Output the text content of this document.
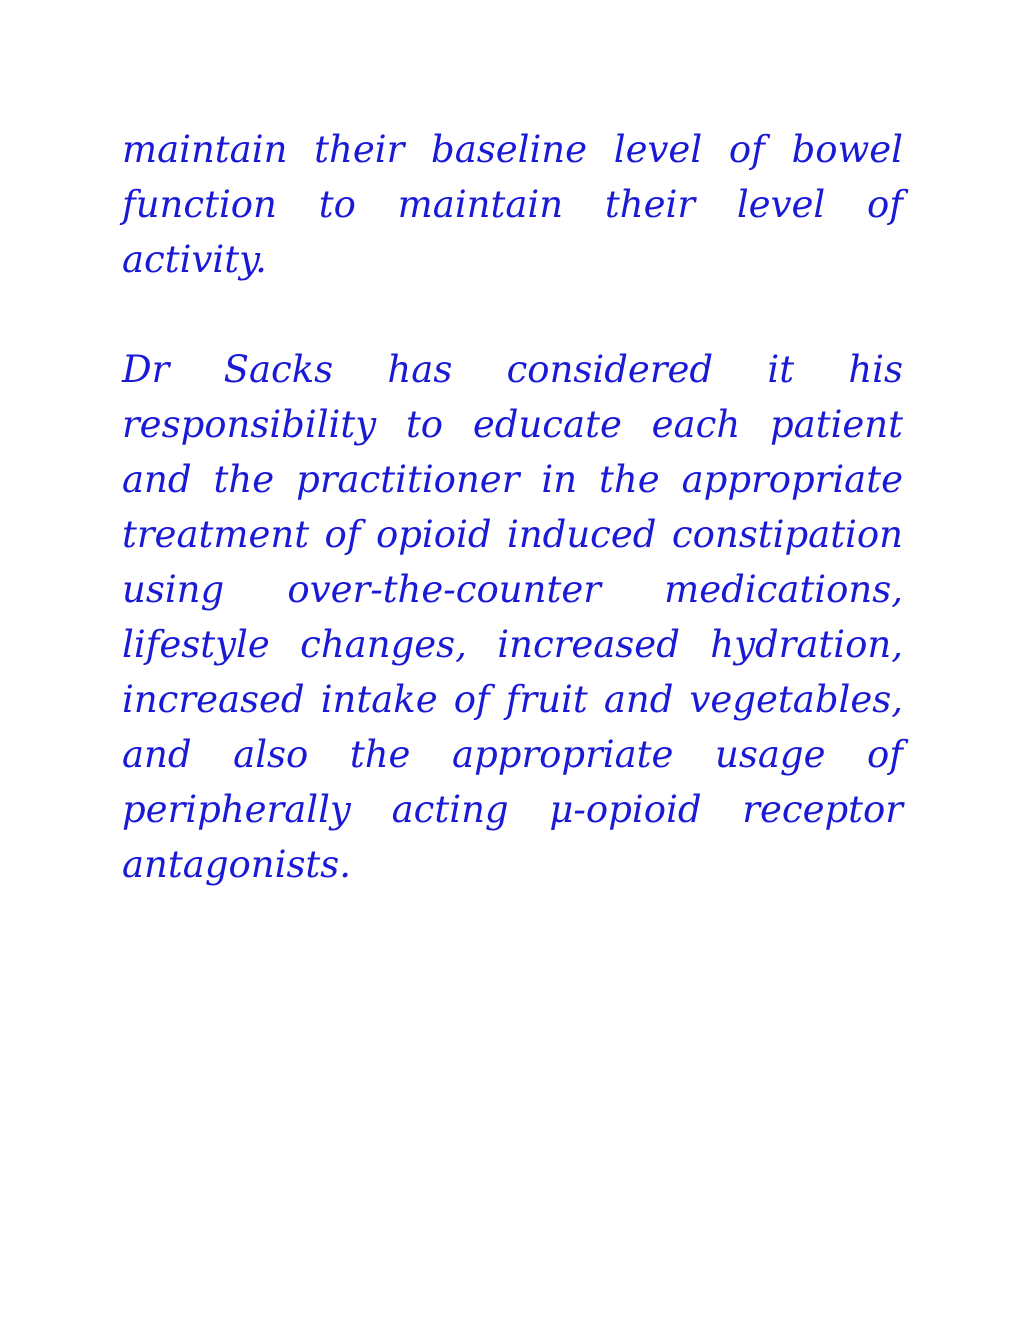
maintain their baseline level of bowel function to maintain their level of activity.

Dr Sacks has considered it his responsibility to educate each patient and the practitioner in the appropriate treatment of opioid induced constipation using over-the-counter medications, lifestyle changes, increased hydration, increased intake of fruit and vegetables, and also the appropriate usage of peripherally acting μ-opioid receptor antagonists.
